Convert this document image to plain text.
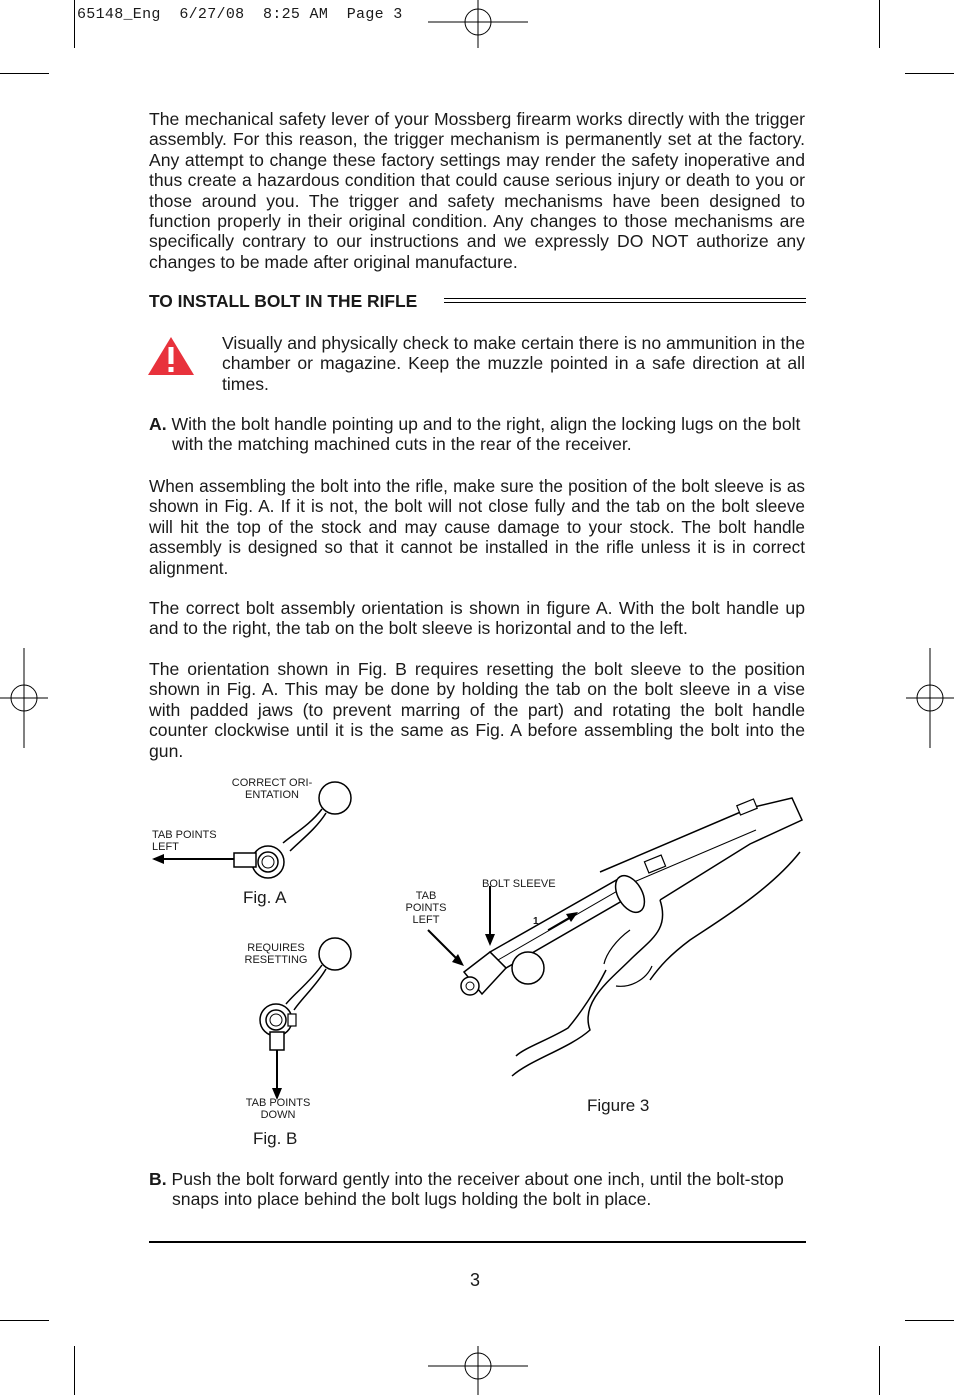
65148_Eng  6/27/08  8:25 AM  Page 3

The mechanical safety lever of your Mossberg firearm works directly with the trigger assembly. For this reason, the trigger mechanism is permanently set at the factory. Any attempt to change these factory settings may render the safety inoperative and thus create a hazardous condition that could cause serious injury or death to you or those around you. The trigger and safety mechanisms have been designed to function properly in their original condition. Any changes to those mechanisms are specifically contrary to our instructions and we expressly DO NOT authorize any changes to be made after original manufacture.

TO INSTALL BOLT IN THE RIFLE

Visually and physically check to make certain there is no ammunition in the chamber or magazine. Keep the muzzle pointed in a safe direction at all times.

A. With the bolt handle pointing up and to the right, align the locking lugs on the bolt with the matching machined cuts in the rear of the receiver.

When assembling the bolt into the rifle, make sure the position of the bolt sleeve is as shown in Fig. A. If it is not, the bolt will not close fully and the tab on the bolt sleeve will hit the top of the stock and may cause damage to your stock. The bolt handle assembly is designed so that it cannot be installed in the rifle unless it is in correct alignment.

The correct bolt assembly orientation is shown in figure A. With the bolt handle up and to the right, the tab on the bolt sleeve is horizontal and to the left.

The orientation shown in Fig. B requires resetting the bolt sleeve to the position shown in Fig. A. This may be done by holding the tab on the bolt sleeve in a vise with padded jaws (to prevent marring of the part) and rotating the bolt handle counter clockwise until it is the same as Fig. A before assembling the bolt into the gun.

CORRECT ORI-
ENTATION
TAB POINTS
LEFT
Fig. A
REQUIRES
RESETTING
TAB POINTS
DOWN
Fig. B
BOLT SLEEVE
TAB
POINTS
LEFT	1
Figure 3

B. Push the bolt forward gently into the receiver about one inch, until the bolt-stop snaps into place behind the bolt lugs holding the bolt in place.

3
